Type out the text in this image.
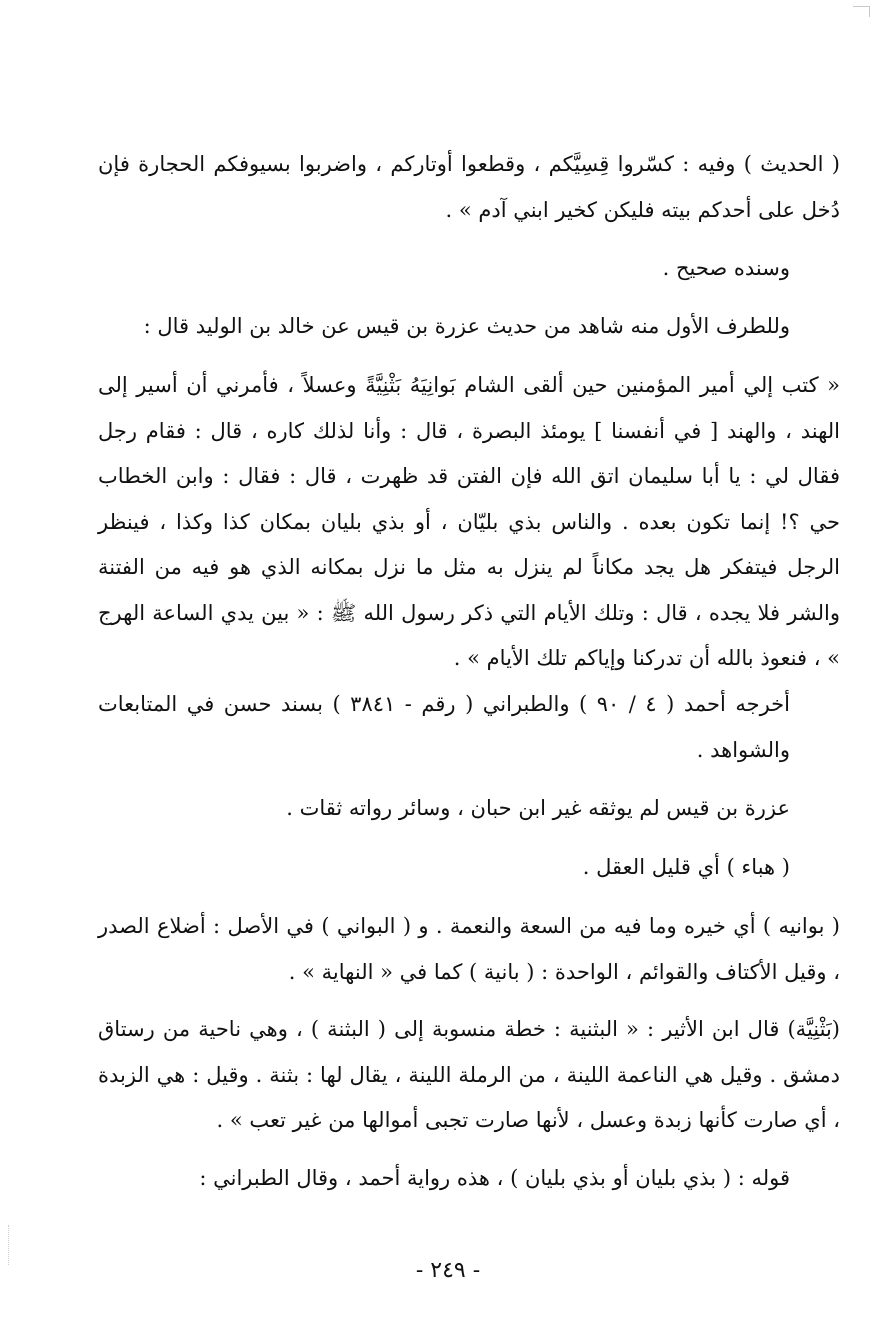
( الحديث ) وفيه : كسّروا قِسِيَّكم ، وقطعوا أوتاركم ، واضربوا بسيوفكم الحجارة فإن دُخل على أحدكم بيته فليكن كخير ابني آدم » .

وسنده صحيح .

وللطرف الأول منه شاهد من حديث عزرة بن قيس عن خالد بن الوليد قال :

« كتب إلي أمير المؤمنين حين ألقى الشام بَوانِيَهُ بَثْنِيَّةً وعسلاً ، فأمرني أن أسير إلى الهند ، والهند [ في أنفسنا ] يومئذ البصرة ، قال : وأنا لذلك كاره ، قال : فقام رجل فقال لي : يا أبا سليمان اتق الله فإن الفتن قد ظهرت ، قال : فقال : وابن الخطاب حي ؟! إنما تكون بعده . والناس بذي بليّان ، أو بذي بليان بمكان كذا وكذا ، فينظر الرجل فيتفكر هل يجد مكاناً لم ينزل به مثل ما نزل بمكانه الذي هو فيه من الفتنة والشر فلا يجده ، قال : وتلك الأيام التي ذكر رسول الله ﷺ : « بين يدي الساعة الهرج » ، فنعوذ بالله أن تدركنا وإياكم تلك الأيام » .

أخرجه أحمد ( ٤ / ٩٠ ) والطبراني ( رقم - ٣٨٤١ ) بسند حسن في المتابعات والشواهد .

عزرة بن قيس لم يوثقه غير ابن حبان ، وسائر رواته ثقات .

( هباء ) أي قليل العقل .

( بوانيه ) أي خيره وما فيه من السعة والنعمة . و ( البواني ) في الأصل : أضلاع الصدر ، وقيل الأكتاف والقوائم ، الواحدة : ( بانية ) كما في « النهاية » .

(بَثْنِيَّة) قال ابن الأثير : « البثنية : خطة منسوبة إلى ( البثنة ) ، وهي ناحية من رستاق دمشق . وقيل هي الناعمة اللينة ، من الرملة اللينة ، يقال لها : بثنة . وقيل : هي الزبدة ، أي صارت كأنها زبدة وعسل ، لأنها صارت تجبى أموالها من غير تعب » .

قوله : ( بذي بليان أو بذي بليان ) ، هذه رواية أحمد ، وقال الطبراني :

- ٢٤٩ -
